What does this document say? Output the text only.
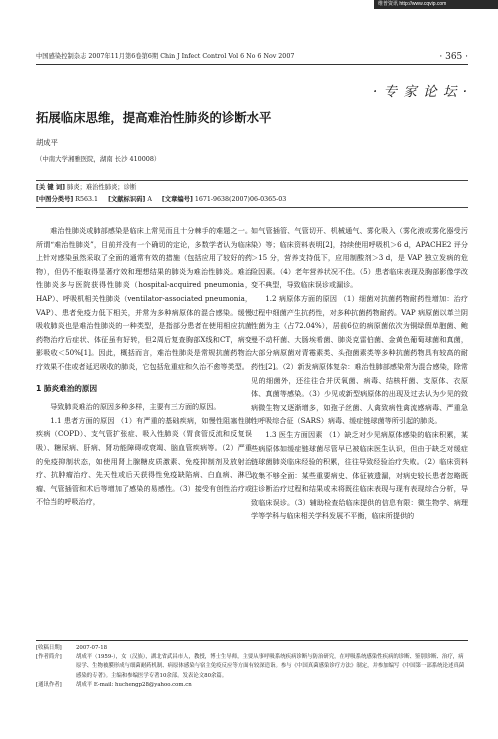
维普资讯 http://www.cqvip.com
中国感染控制杂志 2007年11月第6卷第6期 Chin J Infect Control Vol 6 No 6 Nov 2007	· 365 ·
· 专 家 论 坛 ·
拓展临床思维，提高难治性肺炎的诊断水平
胡成平
（中南大学湘雅医院，湖南 长沙 410008）
[关 键 词] 肺炎；难治性肺炎；诊断
[中图分类号] R563.1 [文献标识码] A [文章编号] 1671-9638(2007)06-0365-03

难治性肺炎或肺部感染是临床上常见而且十分棘手的难题之一。所谓“难治性肺炎”，目前并没有一个确切的定论，多数学者认为临床上针对感染虽然采取了全面的通常有效的措施（包括应用了较好的药物），但仍不能取得显著疗效和理想结果的肺炎为难治性肺炎。难治性肺炎多与医院获得性肺炎（hospital-acquired pneumonia，HAP）、呼吸机相关性肺炎（ventilator-associated pneumonia，VAP）、患者免疫力低下相关，并常为多种病原体的混合感染。缓慢吸收肺炎也是难治性肺炎的一种类型，是指部分患者在使用相应抗菌药物治疗后症状、体征虽有好转，但2周后复查胸部X线和CT，病变影吸收＜50%[1]。因此，概括而言，难治性肺炎是常规抗菌药物治疗效果不佳或者延迟吸收的肺炎，它包括危重症和久治不愈等类型。

1 肺炎难治的原因

导致肺炎难治的原因多种多样，主要有三方面的原因。

1.1 患者方面的原因 （1）有严重的基础疾病，如慢性阻塞性肺疾病（COPD）、支气管扩张症、吸入性肺炎（胃食管反流和反复误吸）、糖尿病、肝病、肾功能障碍或衰竭、脑血管疾病等。（2）严重的免疫抑制状态，如使用肾上腺糖皮质激素、免疫抑制剂及放射治疗、抗肿瘤治疗、先天性或后天获得性免疫缺陷病、白血病、淋巴瘤、气管插管和术后等增加了感染的易感性。（3）接受有创性治疗或不恰当的呼吸治疗，

如气管插管、气管切开、机械通气、雾化吸入（雾化液或雾化器受污染）等；临床资料表明[2]，持续使用呼吸机＞6 d，APACHE2 评分＞15 分，营养支持低下，应用制酸剂＞3 d，是 VAP 独立发病的危险因素。（4）老年营养状况不佳。（5）患者临床表现及胸部影像学改变不典型，导致临床误诊或漏诊。

1.2 病原体方面的原因 （1）细菌对抗菌药物耐药性增加：治疗过程中细菌产生抗药性，对多种抗菌药物耐药。VAP 病原菌以革兰阴性菌为主（占72.04%），居前6位的病原菌依次为铜绿假单胞菌、鲍曼不动杆菌、大肠埃希菌、肺炎克雷伯菌、金黄色葡萄球菌和真菌，大部分病原菌对青霉素类、头孢菌素类等多种抗菌药物具有较高的耐药性[2]。（2）新发病原体复杂：难治性肺部感染常为混合感染，除常见的细菌外，还往往合并厌氧菌、病毒、结核杆菌、支原体、衣原体、真菌等感染。（3）少见或新型病原体的出现及过去认为少见的致病微生物又逐渐增多，如孢子丝菌、人禽致病性禽流感病毒、严重急性呼吸综合征（SARS）病毒、缓症链球菌等所引起的肺炎。

1.3 医生方面因素 （1）缺乏对少见病原体感染的临床积累，某些病原体如缓症链球菌尽管早已被临床医生认识，但由于缺乏对缓症链球菌肺炎临床经验的积累，往往导致经验治疗失败。（2）临床资料收集不够全面：某些重要病史、体征被遗漏，对病史较长患者忽略既往诊断治疗过程和结果或未将既往临床表现与现有表现综合分析，导致临床误诊。（3）辅助检查给临床提供的信息有限：微生物学、病理学等学科与临床相关学科发展不平衡，临床所提供的

[收稿日期]	2007-07-18
[作者简介]	胡成平（1959-），女（汉族），湖北省武昌市人，教授，博士生导师，主要从事呼吸系统疾病诊断与防治研究，在呼吸系统感染性疾病的诊断、鉴别诊断、治疗，病原学、生物被膜形成与细菌耐药机制、病原体感染与宿主免疫反应等方面有较深造诣。参与《中国真菌感染诊疗方法》制定，并参加编写《中国第一部系统论述真菌感染的专著》。主编和参编医学专著10余部。发表论文80余篇。
[通讯作者]	胡成平 E-mail: huchengp28@yahoo.com.cn
